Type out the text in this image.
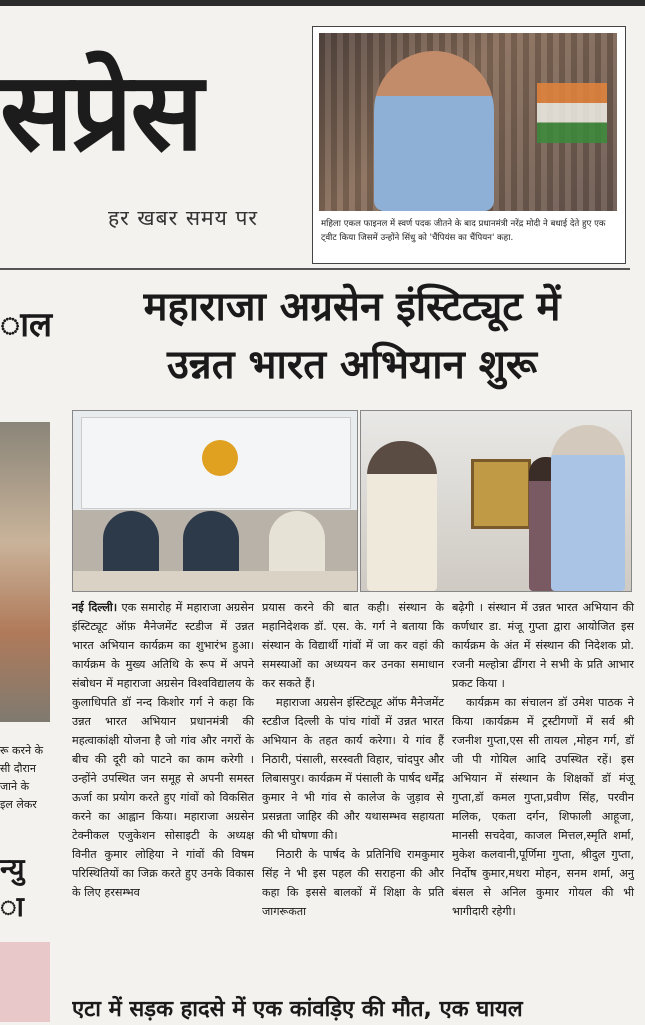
सप्रेस
हर खबर समय पर	महिला एकल फाइनल में स्वर्ण पदक जीतने के बाद प्रधानमंत्री नरेंद्र मोदी ने बधाई देते हुए एक ट्वीट किया जिसमें उन्होंने सिंधु को 'चैंपियंस का चैंपियन' कहा.
ाल
रू करने के
सी दौरान
जाने के
इल लेकर
न्यु
ा
महाराजा अग्रसेन इंस्टिट्यूट में
उन्नत भारत अभियान शुरू

नई दिल्ली। एक समारोह में महाराजा अग्रसेन इंस्टिट्यूट ऑफ़ मैनेजमेंट स्टडीज में उन्नत भारत अभियान कार्यक्रम का शुभारंभ हुआ। कार्यक्रम के मुख्य अतिथि के रूप में अपने संबोधन में महाराजा अग्रसेन विश्वविद्यालय के कुलाधिपति डॉ नन्द किशोर गर्ग ने कहा कि उन्नत भारत अभियान प्रधानमंत्री की महत्वाकांक्षी योजना है जो गांव और नगरों के बीच की दूरी को पाटने का काम करेगी । उन्होंने उपस्थित जन समूह से अपनी समस्त ऊर्जा का प्रयोग करते हुए गांवों को विकसित करने का आह्वान किया। महाराजा अग्रसेन टेक्नीकल एजुकेशन सोसाइटी के अध्यक्ष विनीत कुमार लोहिया ने गांवों की विषम परिस्थितियों का जिक्र करते हुए उनके विकास के लिए हरसम्भव

प्रयास करने की बात कही। संस्थान के महानिदेशक डॉ. एस. के. गर्ग ने बताया कि संस्थान के विद्यार्थी गांवों में जा कर वहां की समस्याओं का अध्ययन कर उनका समाधान कर सकते हैं।

महाराजा अग्रसेन इंस्टिट्यूट ऑफ मैनेजमेंट स्टडीज दिल्ली के पांच गांवों में उन्नत भारत अभियान के तहत कार्य करेगा। ये गांव हैं निठारी, पंसाली, सरस्वती विहार, चांदपुर और लिबासपुर। कार्यक्रम में पंसाली के पार्षद धर्मेंद्र कुमार ने भी गांव से कालेज के जुड़ाव से प्रसन्नता जाहिर की और यथासम्भव सहायता की भी घोषणा की।

निठारी के पार्षद के प्रतिनिधि रामकुमार सिंह ने भी इस पहल की सराहना की और कहा कि इससे बालकों में शिक्षा के प्रति जागरूकता

बढ़ेगी । संस्थान में उन्नत भारत अभियान की कर्णधार डा. मंजू गुप्ता द्वारा आयोजित इस कार्यक्रम के अंत में संस्थान की निदेशक प्रो. रजनी मल्होत्रा ढींगरा ने सभी के प्रति आभार प्रकट किया ।

कार्यक्रम का संचालन डॉ उमेश पाठक ने किया ।कार्यक्रम में ट्रस्टीगणों में सर्व श्री रजनीश गुप्ता,एस सी तायल ,मोहन गर्ग, डॉ जी पी गोयिल आदि उपस्थित रहें। इस अभियान में संस्थान के शिक्षकों डॉ मंजू गुप्ता,डॉ कमल गुप्ता,प्रवीण सिंह, परवीन मलिक, एकता दर्गन, शिफाली आहूजा, मानसी सचदेवा, काजल मित्तल,स्मृति शर्मा, मुकेश कलवानी,पूर्णिमा गुप्ता, श्रीदुल गुप्ता, निर्दोष कुमार,मधरा मोहन, सनम शर्मा, अनु बंसल से अनिल कुमार गोयल की भी भागीदारी रहेगी।

एटा में सड़क हादसे में एक कांवड़िए की मौत, एक घायल
